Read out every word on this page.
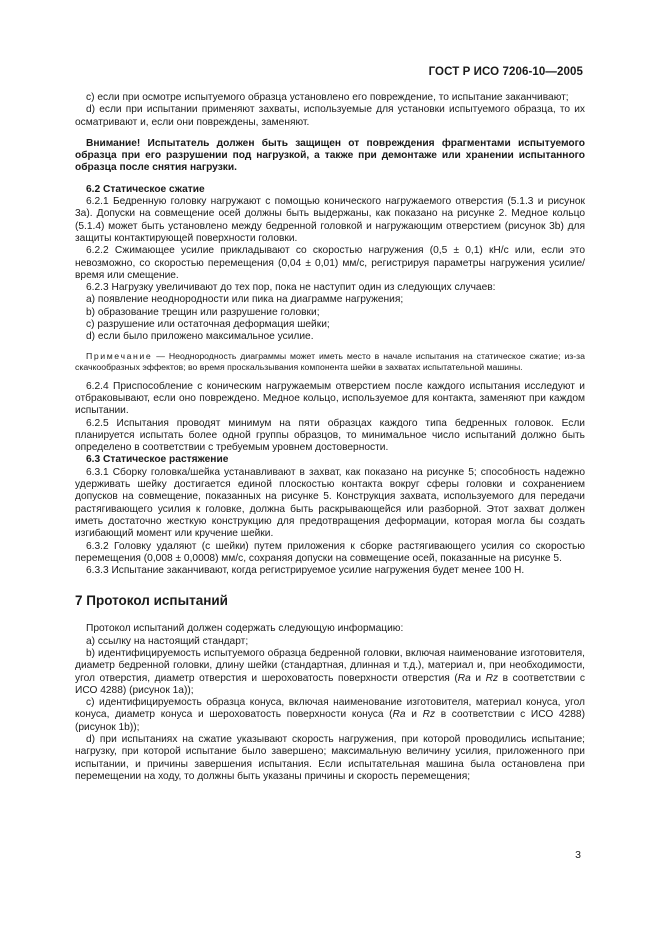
ГОСТ Р ИСО 7206-10—2005

c) если при осмотре испытуемого образца установлено его повреждение, то испытание заканчивают;

d) если при испытании применяют захваты, используемые для установки испытуемого образца, то их осматривают и, если они повреждены, заменяют.

Внимание! Испытатель должен быть защищен от повреждения фрагментами испытуемого образца при его разрушении под нагрузкой, а также при демонтаже или хранении испытанного образца после снятия нагрузки.

6.2 Статическое сжатие

6.2.1 Бедренную головку нагружают с помощью конического нагружаемого отверстия (5.1.3 и рисунок 3а). Допуски на совмещение осей должны быть выдержаны, как показано на рисунке 2. Медное кольцо (5.1.4) может быть установлено между бедренной головкой и нагружающим отверстием (рисунок 3b) для защиты контактирующей поверхности головки.

6.2.2 Сжимающее усилие прикладывают со скоростью нагружения (0,5 ± 0,1) кН/с или, если это невозможно, со скоростью перемещения (0,04 ± 0,01) мм/с, регистрируя параметры нагружения усилие/время или смещение.

6.2.3 Нагрузку увеличивают до тех пор, пока не наступит один из следующих случаев:

a) появление неоднородности или пика на диаграмме нагружения;

b) образование трещин или разрушение головки;

c) разрушение или остаточная деформация шейки;

d) если было приложено максимальное усилие.

Примечание — Неоднородность диаграммы может иметь место в начале испытания на статическое сжатие; из-за скачкообразных эффектов; во время проскальзывания компонента шейки в захватах испытательной машины.

6.2.4 Приспособление с коническим нагружаемым отверстием после каждого испытания исследуют и отбраковывают, если оно повреждено. Медное кольцо, используемое для контакта, заменяют при каждом испытании.

6.2.5 Испытания проводят минимум на пяти образцах каждого типа бедренных головок. Если планируется испытать более одной группы образцов, то минимальное число испытаний должно быть определено в соответствии с требуемым уровнем достоверности.

6.3 Статическое растяжение

6.3.1 Сборку головка/шейка устанавливают в захват, как показано на рисунке 5; способность надежно удерживать шейку достигается единой плоскостью контакта вокруг сферы головки и сохранением допусков на совмещение, показанных на рисунке 5. Конструкция захвата, используемого для передачи растягивающего усилия к головке, должна быть раскрывающейся или разборной. Этот захват должен иметь достаточно жесткую конструкцию для предотвращения деформации, которая могла бы создать изгибающий момент или кручение шейки.

6.3.2 Головку удаляют (с шейки) путем приложения к сборке растягивающего усилия со скоростью перемещения (0,008 ± 0,0008) мм/с, сохраняя допуски на совмещение осей, показанные на рисунке 5.

6.3.3 Испытание заканчивают, когда регистрируемое усилие нагружения будет менее 100 Н.

7 Протокол испытаний

Протокол испытаний должен содержать следующую информацию:

a) ссылку на настоящий стандарт;

b) идентифицируемость испытуемого образца бедренной головки, включая наименование изготовителя, диаметр бедренной головки, длину шейки (стандартная, длинная и т.д.), материал и, при необходимости, угол отверстия, диаметр отверстия и шероховатость поверхности отверстия (Ra и Rz в соответствии с ИСО 4288) (рисунок 1а));

c) идентифицируемость образца конуса, включая наименование изготовителя, материал конуса, угол конуса, диаметр конуса и шероховатость поверхности конуса (Ra и Rz в соответствии с ИСО 4288) (рисунок 1b));

d) при испытаниях на сжатие указывают скорость нагружения, при которой проводились испытание; нагрузку, при которой испытание было завершено; максимальную величину усилия, приложенного при испытании, и причины завершения испытания. Если испытательная машина была остановлена при перемещении на ходу, то должны быть указаны причины и скорость перемещения;

3
